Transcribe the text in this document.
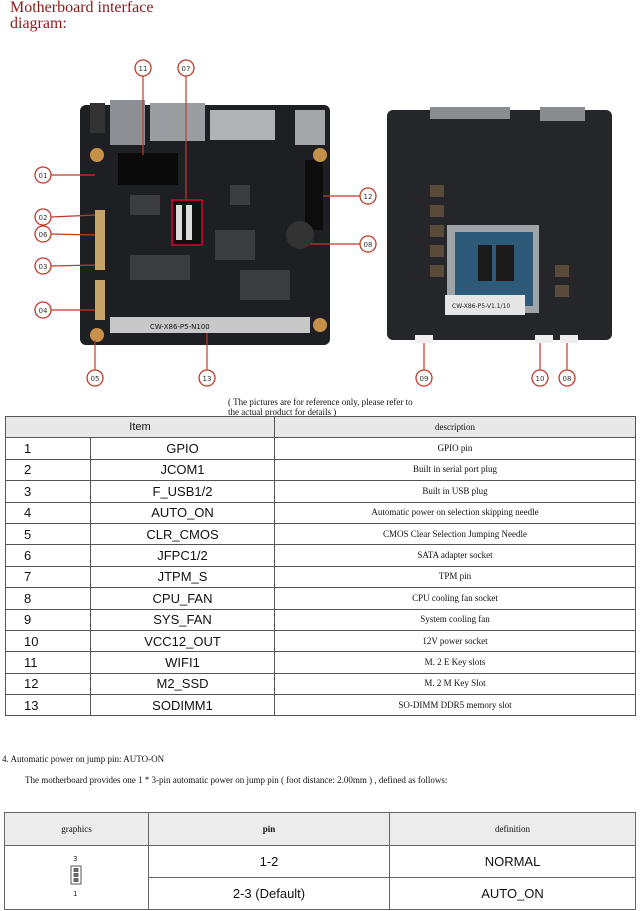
Motherboard interface diagram:
CW-X86-P5-N100
01
02
06
03
04
05
11	07
12
08
13
CW-X86-P5-V1.1/10
09	10	08
( The pictures are for reference only, please refer to the actual product for details )
Item		description
1	GPIO	GPIO pin
2	JCOM1	Built in serial port plug
3	F_USB1/2	Built in USB plug
4	AUTO_ON	Automatic power on selection skipping needle
5	CLR_CMOS	CMOS Clear Selection Jumping Needle
6	JFPC1/2	SATA adapter socket
7	JTPM_S	TPM pin
8	CPU_FAN	CPU cooling fan socket
9	SYS_FAN	System cooling fan
10	VCC12_OUT	12V power socket
11	WIFI1	M. 2 E Key slots
12	M2_SSD	M. 2 M Key Slot
13	SODIMM1	SO-DIMM DDR5 memory slot
4. Automatic power on jump pin: AUTO-ON
The motherboard provides one 1 * 3-pin automatic power on jump pin ( foot distance: 2.00mm ) , defined as follows:
graphics	pin	definition

3
1	1-2	NORMAL
	2-3 (Default)	AUTO_ON
